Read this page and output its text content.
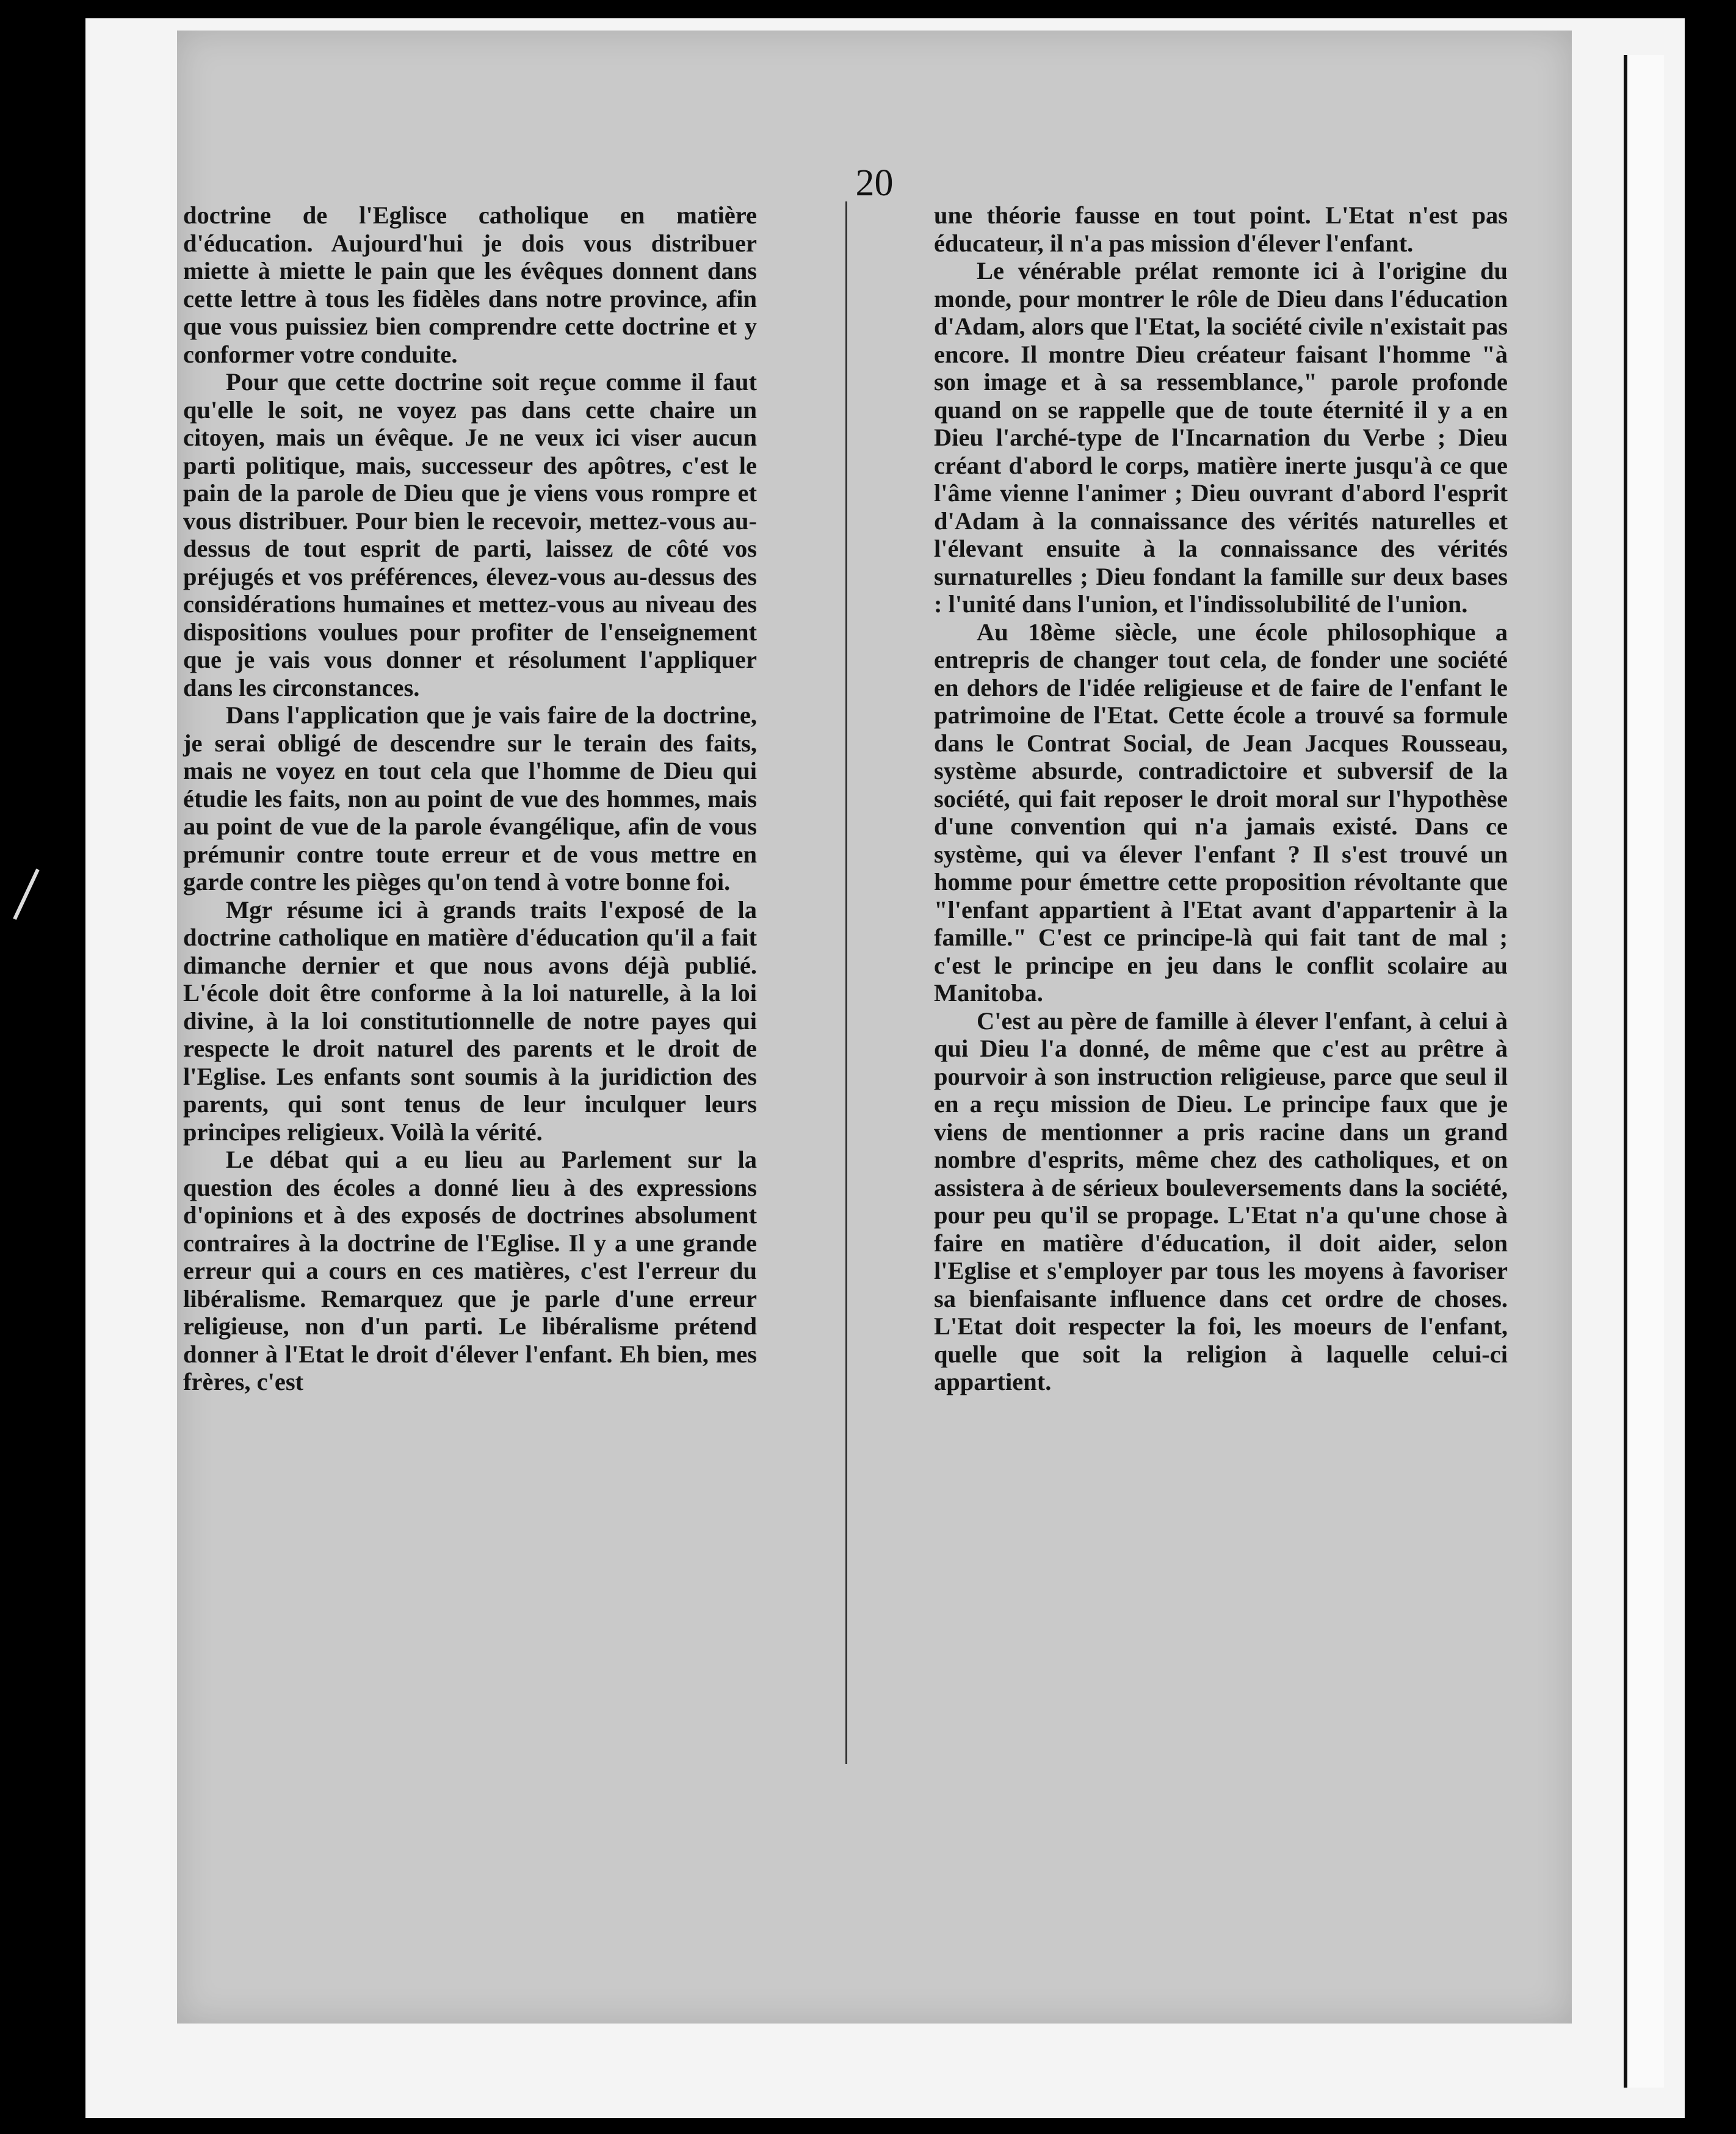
20

doctrine de l'Eglisce catholique en matière d'éducation. Aujourd'hui je dois vous distribuer miette à miette le pain que les évêques donnent dans cette lettre à tous les fidèles dans notre province, afin que vous puissiez bien comprendre cette doctrine et y conformer votre conduite.

Pour que cette doctrine soit reçue comme il faut qu'elle le soit, ne voyez pas dans cette chaire un citoyen, mais un évêque. Je ne veux ici viser aucun parti politique, mais, successeur des apôtres, c'est le pain de la parole de Dieu que je viens vous rompre et vous distribuer. Pour bien le recevoir, mettez-vous au-dessus de tout esprit de parti, laissez de côté vos préjugés et vos préférences, élevez-vous au-dessus des considérations humaines et mettez-vous au niveau des dispositions voulues pour profiter de l'enseignement que je vais vous donner et résolument l'appliquer dans les circonstances.

Dans l'application que je vais faire de la doctrine, je serai obligé de descendre sur le terain des faits, mais ne voyez en tout cela que l'homme de Dieu qui étudie les faits, non au point de vue des hommes, mais au point de vue de la parole évangélique, afin de vous prémunir contre toute erreur et de vous mettre en garde contre les pièges qu'on tend à votre bonne foi.

Mgr résume ici à grands traits l'exposé de la doctrine catholique en matière d'éducation qu'il a fait dimanche dernier et que nous avons déjà publié. L'école doit être conforme à la loi naturelle, à la loi divine, à la loi constitutionnelle de notre payes qui respecte le droit naturel des parents et le droit de l'Eglise. Les enfants sont soumis à la juridiction des parents, qui sont tenus de leur inculquer leurs principes religieux. Voilà la vérité.

Le débat qui a eu lieu au Parlement sur la question des écoles a donné lieu à des expressions d'opinions et à des exposés de doctrines absolument contraires à la doctrine de l'Eglise. Il y a une grande erreur qui a cours en ces matières, c'est l'erreur du libéralisme. Remarquez que je parle d'une erreur religieuse, non d'un parti. Le libéralisme prétend donner à l'Etat le droit d'élever l'enfant. Eh bien, mes frères, c'est

une théorie fausse en tout point. L'Etat n'est pas éducateur, il n'a pas mission d'élever l'enfant.

Le vénérable prélat remonte ici à l'origine du monde, pour montrer le rôle de Dieu dans l'éducation d'Adam, alors que l'Etat, la société civile n'existait pas encore. Il montre Dieu créateur faisant l'homme "à son image et à sa ressemblance," parole profonde quand on se rappelle que de toute éternité il y a en Dieu l'arché-type de l'Incarnation du Verbe ; Dieu créant d'abord le corps, matière inerte jusqu'à ce que l'âme vienne l'animer ; Dieu ouvrant d'abord l'esprit d'Adam à la connaissance des vérités naturelles et l'élevant ensuite à la connaissance des vérités surnaturelles ; Dieu fondant la famille sur deux bases : l'unité dans l'union, et l'indissolubilité de l'union.

Au 18ème siècle, une école philosophique a entrepris de changer tout cela, de fonder une société en dehors de l'idée religieuse et de faire de l'enfant le patrimoine de l'Etat. Cette école a trouvé sa formule dans le Contrat Social, de Jean Jacques Rousseau, système absurde, contradictoire et subversif de la société, qui fait reposer le droit moral sur l'hypothèse d'une convention qui n'a jamais existé. Dans ce système, qui va élever l'enfant ? Il s'est trouvé un homme pour émettre cette proposition révoltante que "l'enfant appartient à l'Etat avant d'appartenir à la famille." C'est ce principe-là qui fait tant de mal ; c'est le principe en jeu dans le conflit scolaire au Manitoba.

C'est au père de famille à élever l'enfant, à celui à qui Dieu l'a donné, de même que c'est au prêtre à pourvoir à son instruction religieuse, parce que seul il en a reçu mission de Dieu. Le principe faux que je viens de mentionner a pris racine dans un grand nombre d'esprits, même chez des catholiques, et on assistera à de sérieux bouleversements dans la société, pour peu qu'il se propage. L'Etat n'a qu'une chose à faire en matière d'éducation, il doit aider, selon l'Eglise et s'employer par tous les moyens à favoriser sa bienfaisante influence dans cet ordre de choses. L'Etat doit respecter la foi, les moeurs de l'enfant, quelle que soit la religion à laquelle celui-ci appartient.
